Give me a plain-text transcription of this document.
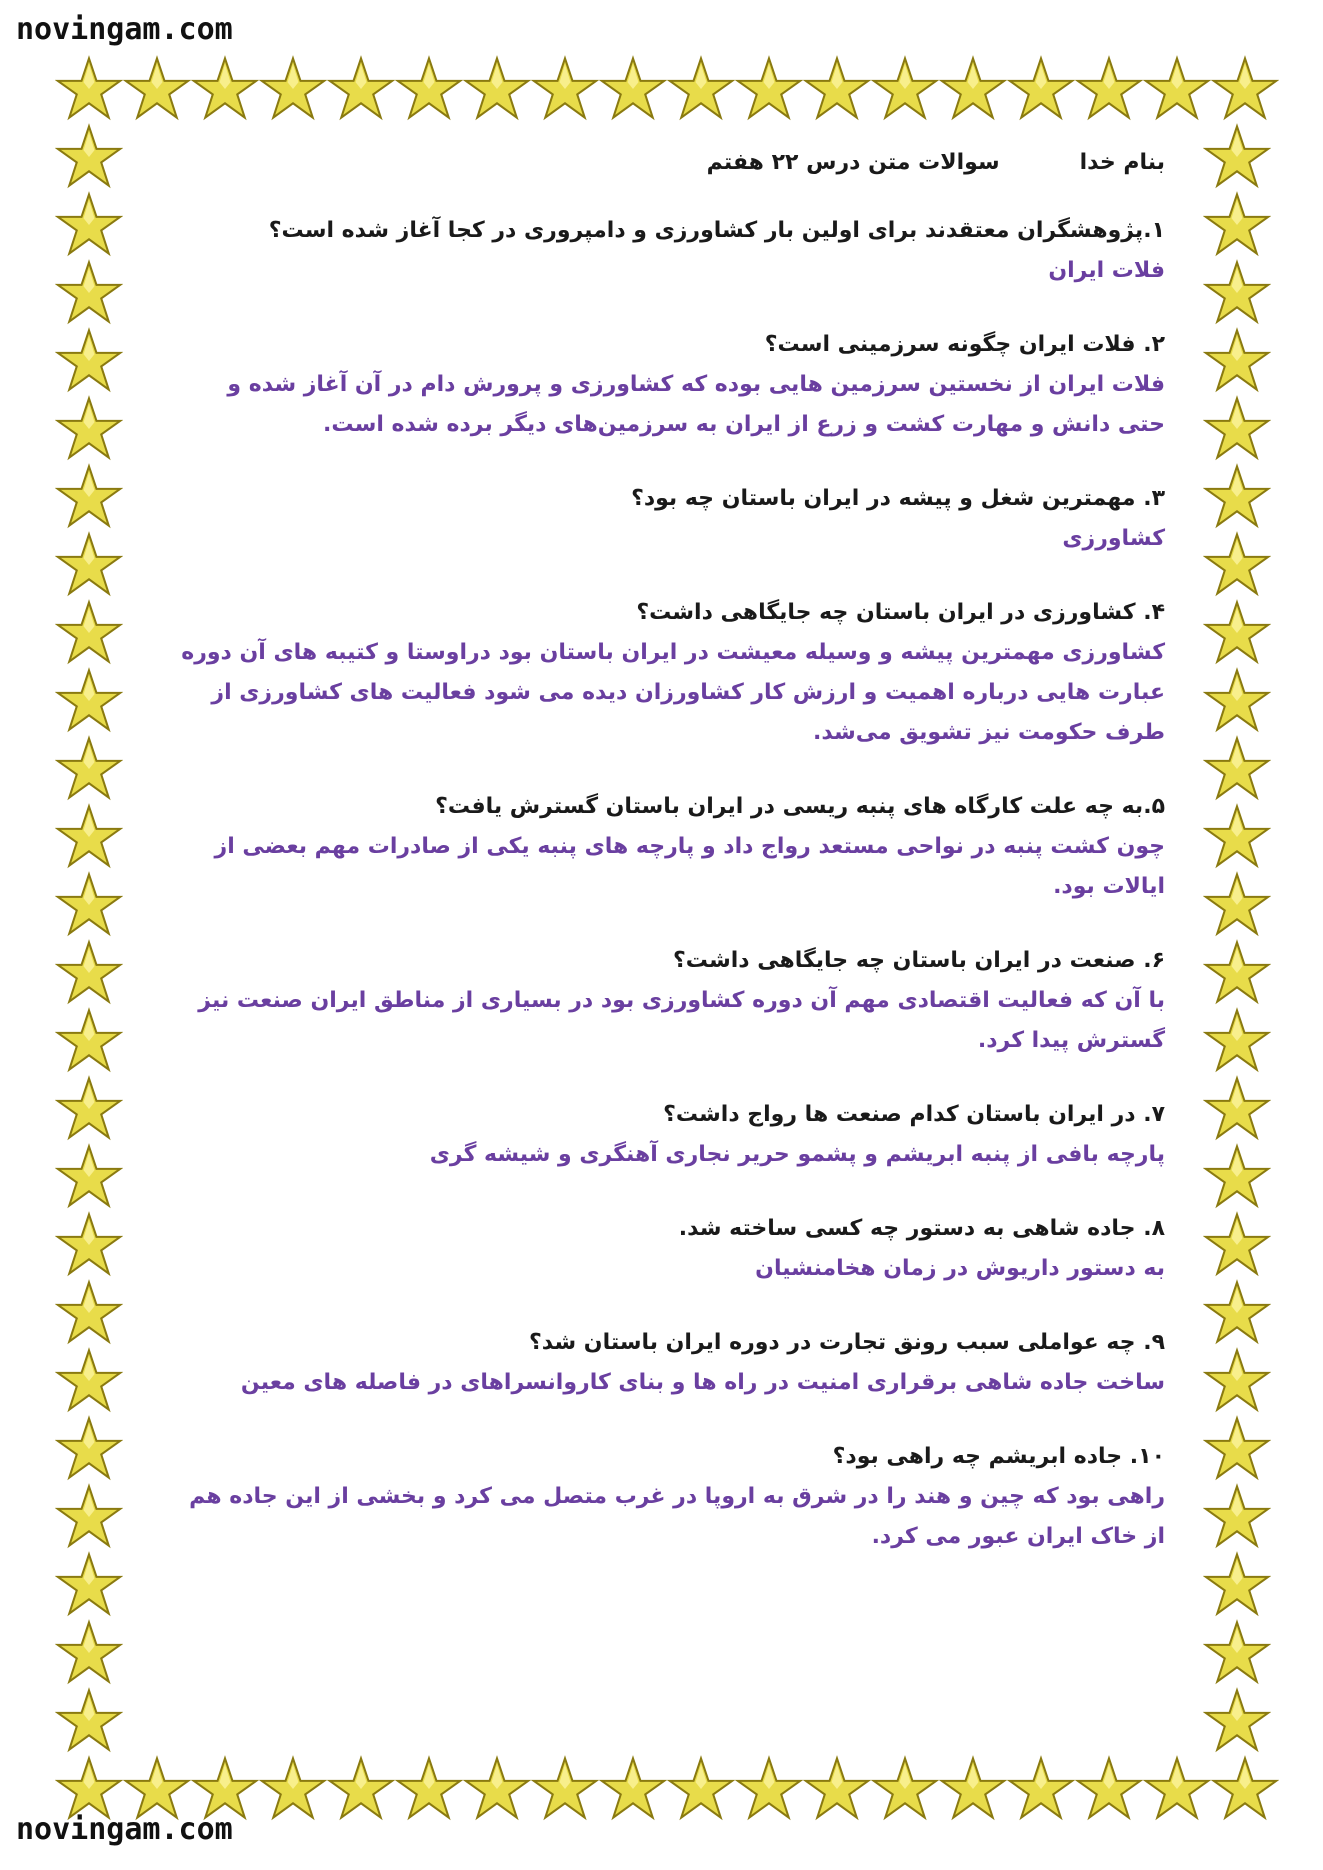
novingam.com
novingam.com
بنام خدا
سوالات متن درس ۲۲ هفتم
۱.پژوهشگران معتقدند برای اولین بار کشاورزی و دامپروری در کجا آغاز شده است؟
فلات ایران
۲. فلات ایران چگونه سرزمینی است؟
فلات ایران از نخستین سرزمین هایی بوده که کشاورزی و پرورش دام در آن آغاز شده و حتی دانش و مهارت کشت و زرع از ایران به سرزمین‌های دیگر برده شده است.
۳. مهمترین شغل و پیشه در ایران باستان چه بود؟
کشاورزی
۴. کشاورزی در ایران باستان چه جایگاهی داشت؟
کشاورزی مهمترین پیشه و وسیله معیشت در ایران باستان بود دراوستا و کتیبه های آن دوره عبارت هایی درباره اهمیت و ارزش کار کشاورزان دیده می شود فعالیت های کشاورزی از طرف حکومت نیز تشویق می‌شد.
۵.به چه علت کارگاه های پنبه ریسی در ایران باستان گسترش یافت؟
چون کشت پنبه در نواحی مستعد رواج داد و پارچه های پنبه یکی از صادرات مهم بعضی از ایالات بود.
۶. صنعت در ایران باستان چه جایگاهی داشت؟
با آن که فعالیت اقتصادی مهم آن دوره کشاورزی بود در بسیاری از مناطق ایران صنعت نیز گسترش پیدا کرد.
۷. در ایران باستان کدام صنعت ها رواج داشت؟
پارچه بافی از پنبه ابریشم و پشمو حریر نجاری آهنگری و شیشه گری
۸. جاده شاهی به دستور چه کسی ساخته شد.
به دستور داریوش در زمان هخامنشیان
۹. چه عواملی سبب رونق تجارت در دوره ایران باستان شد؟
ساخت جاده شاهی برقراری امنیت در راه ها و بنای کاروانسراهای در فاصله های معین
۱۰. جاده ابریشم چه راهی بود؟
راهی بود که چین و هند را در شرق به اروپا در غرب متصل می کرد و بخشی از این جاده هم از خاک ایران عبور می کرد.
